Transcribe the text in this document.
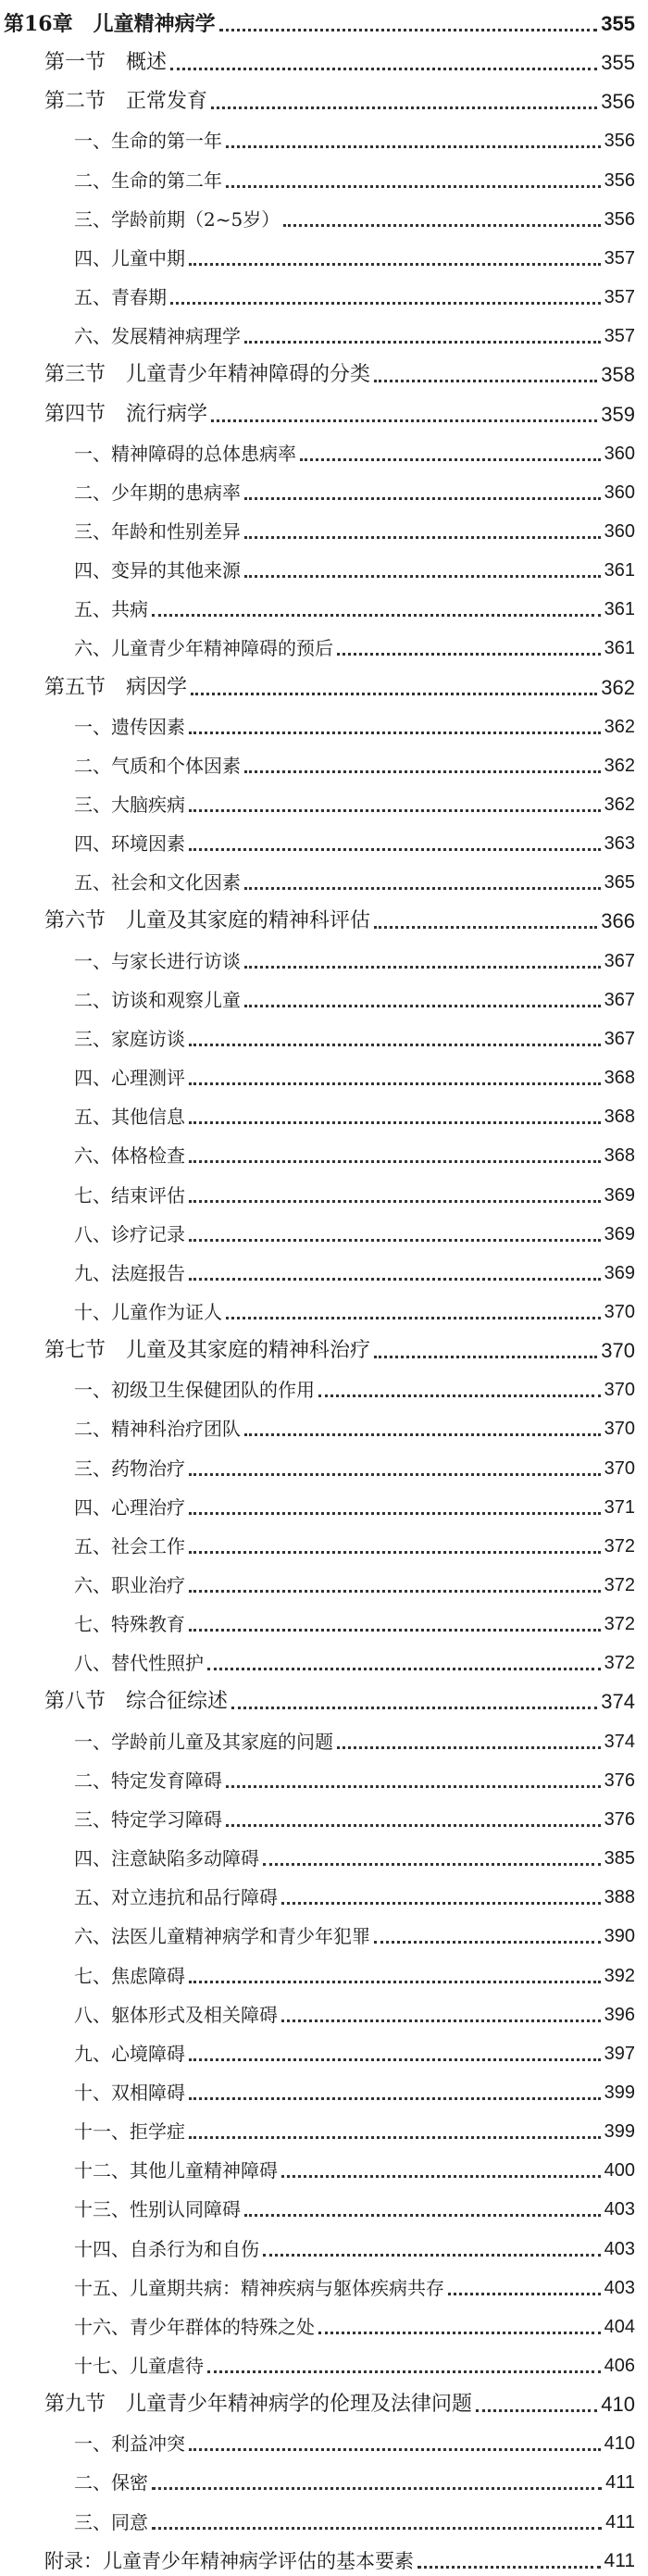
第16章　儿童精神病学	355
第一节　概述	355
第二节　正常发育	356
一、生命的第一年	356
二、生命的第二年	356
三、学龄前期（2~5岁）	356
四、儿童中期	357
五、青春期	357
六、发展精神病理学	357
第三节　儿童青少年精神障碍的分类	358
第四节　流行病学	359
一、精神障碍的总体患病率	360
二、少年期的患病率	360
三、年龄和性别差异	360
四、变异的其他来源	361
五、共病	361
六、儿童青少年精神障碍的预后	361
第五节　病因学	362
一、遗传因素	362
二、气质和个体因素	362
三、大脑疾病	362
四、环境因素	363
五、社会和文化因素	365
第六节　儿童及其家庭的精神科评估	366
一、与家长进行访谈	367
二、访谈和观察儿童	367
三、家庭访谈	367
四、心理测评	368
五、其他信息	368
六、体格检查	368
七、结束评估	369
八、诊疗记录	369
九、法庭报告	369
十、儿童作为证人	370
第七节　儿童及其家庭的精神科治疗	370
一、初级卫生保健团队的作用	370
二、精神科治疗团队	370
三、药物治疗	370
四、心理治疗	371
五、社会工作	372
六、职业治疗	372
七、特殊教育	372
八、替代性照护	372
第八节　综合征综述	374
一、学龄前儿童及其家庭的问题	374
二、特定发育障碍	376
三、特定学习障碍	376
四、注意缺陷多动障碍	385
五、对立违抗和品行障碍	388
六、法医儿童精神病学和青少年犯罪	390
七、焦虑障碍	392
八、躯体形式及相关障碍	396
九、心境障碍	397
十、双相障碍	399
十一、拒学症	399
十二、其他儿童精神障碍	400
十三、性别认同障碍	403
十四、自杀行为和自伤	403
十五、儿童期共病：精神疾病与躯体疾病共存	403
十六、青少年群体的特殊之处	404
十七、儿童虐待	406
第九节　儿童青少年精神病学的伦理及法律问题	410
一、利益冲突	410
二、保密	411
三、同意	411
附录：儿童青少年精神病学评估的基本要素	411
